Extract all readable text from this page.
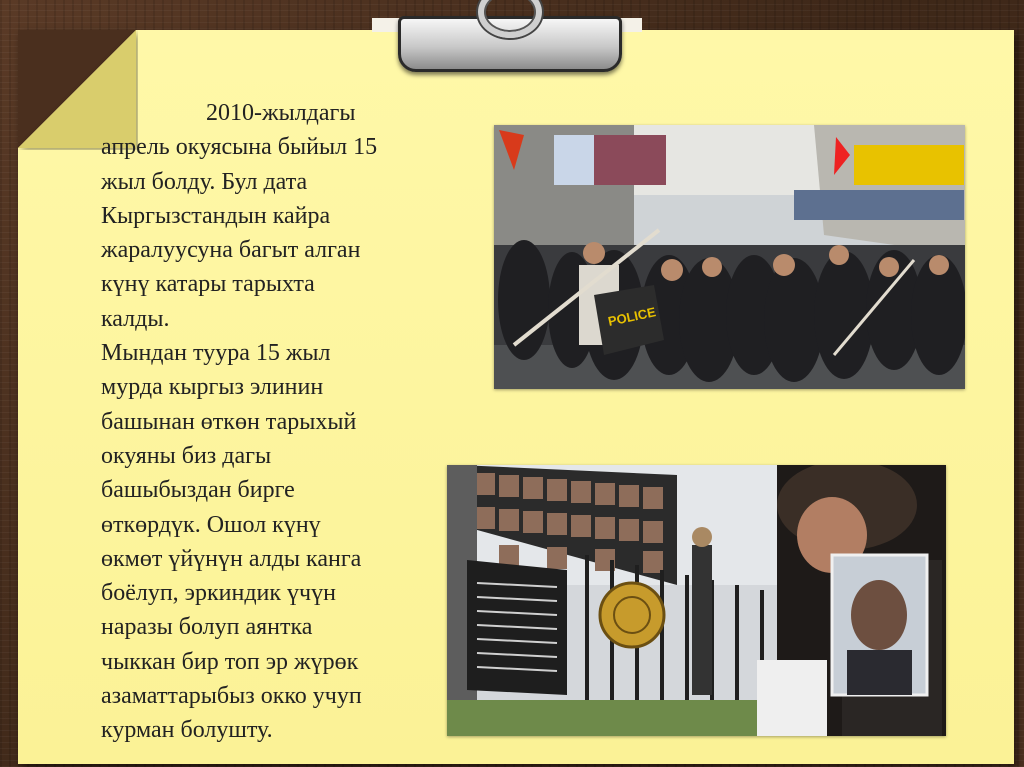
2010-жылдагы
апрель окуясына быйыл 15
жыл болду. Бул дата
Кыргызстандын кайра
жаралуусуна багыт алган
күнү катары тарыхта
калды.
Мындан туура 15 жыл
мурда кыргыз элинин
башынан өткөн тарыхый
окуяны биз дагы
башыбыздан бирге
өткөрдүк. Ошол күнү
өкмөт үйүнүн алды канга
боёлуп, эркиндик үчүн
наразы болуп аянтка
чыккан бир топ эр жүрөк
азаматтарыбыз окко учуп
курман болушту.
POLICE
